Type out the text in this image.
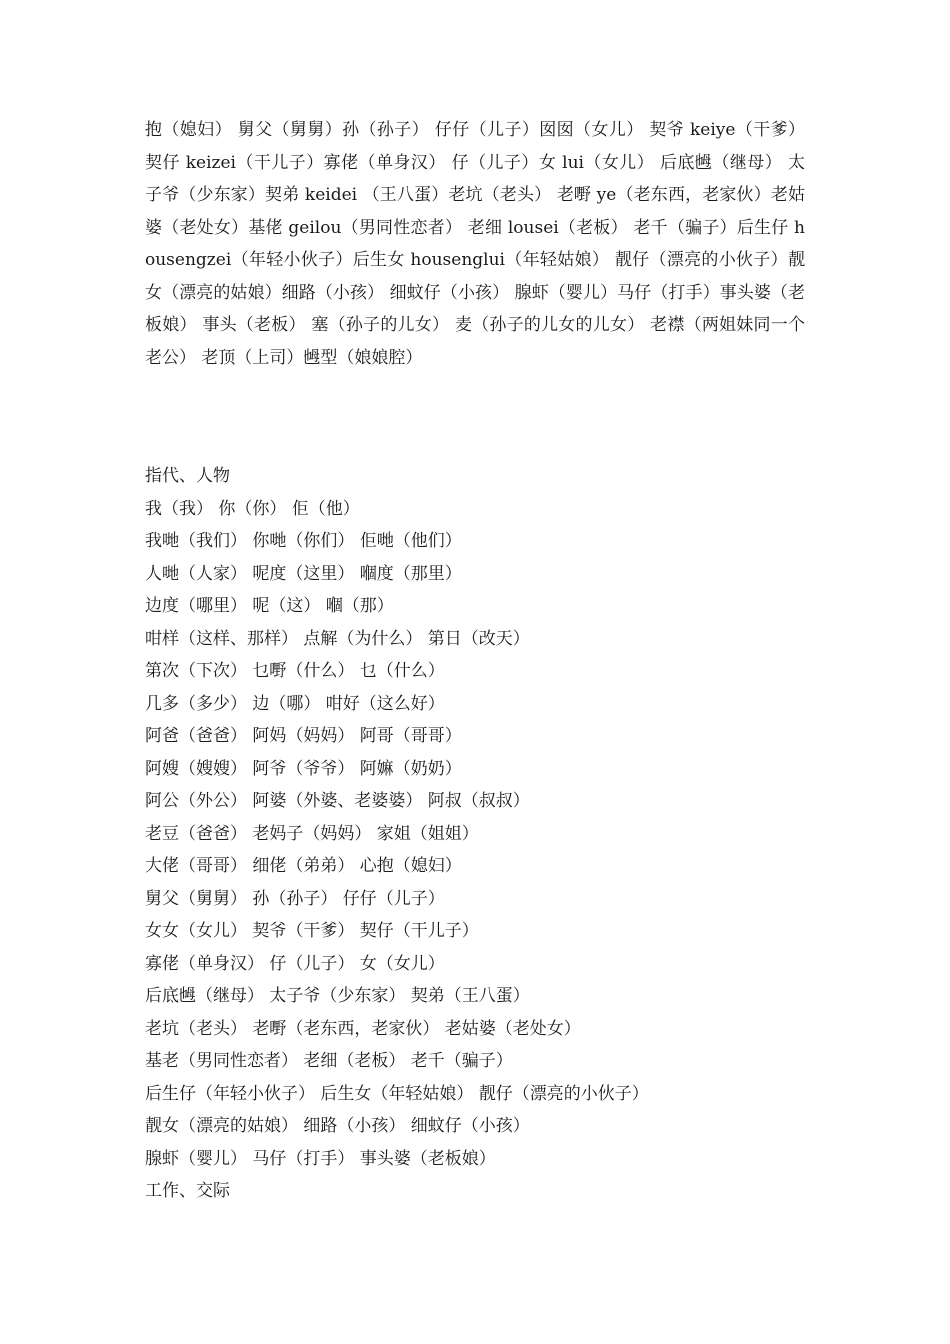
抱（媳妇） 舅父（舅舅）孙（孙子） 仔仔（儿子）囡囡（女儿） 契爷 keiye（干爹） 契仔 keizei（干儿子）寡佬（单身汉） 仔（儿子）女 lui（女儿） 后底乸（继母） 太子爷（少东家）契弟 keidei （王八蛋）老坑（老头） 老嘢 ye（老东西，老家伙）老姑婆（老处女）基佬 geilou（男同性恋者） 老细 lousei（老板） 老千（骗子）后生仔 housengzei（年轻小伙子）后生女 housenglui（年轻姑娘） 靓仔（漂亮的小伙子）靓女（漂亮的姑娘）细路（小孩） 细蚊仔（小孩） 腺虾（婴儿）马仔（打手）事头婆（老板娘） 事头（老板） 塞（孙子的儿女） 麦（孙子的儿女的儿女） 老襟（两姐妹同一个老公） 老顶（上司）乸型（娘娘腔）

指代、人物
我（我） 你（你） 佢（他）
我哋（我们） 你哋（你们） 佢哋（他们）
人哋（人家） 呢度（这里） 嗰度（那里）
边度（哪里） 呢（这） 嗰（那）
咁样（这样、那样） 点解（为什么） 第日（改天）
第次（下次） 乜嘢（什么） 乜（什么）
几多（多少） 边（哪） 咁好（这么好）
阿爸（爸爸） 阿妈（妈妈） 阿哥（哥哥）
阿嫂（嫂嫂） 阿爷（爷爷） 阿嫲（奶奶）
阿公（外公） 阿婆（外婆、老婆婆） 阿叔（叔叔）
老豆（爸爸） 老妈子（妈妈） 家姐（姐姐）
大佬（哥哥） 细佬（弟弟） 心抱（媳妇）
舅父（舅舅） 孙（孙子） 仔仔（儿子）
女女（女儿） 契爷（干爹） 契仔（干儿子）
寡佬（单身汉） 仔（儿子） 女（女儿）
后底乸（继母） 太子爷（少东家） 契弟（王八蛋）
老坑（老头） 老嘢（老东西，老家伙） 老姑婆（老处女）
基老（男同性恋者） 老细（老板） 老千（骗子）
后生仔（年轻小伙子） 后生女（年轻姑娘） 靓仔（漂亮的小伙子）
靓女（漂亮的姑娘） 细路（小孩） 细蚊仔（小孩）
腺虾（婴儿） 马仔（打手） 事头婆（老板娘）
工作、交际
